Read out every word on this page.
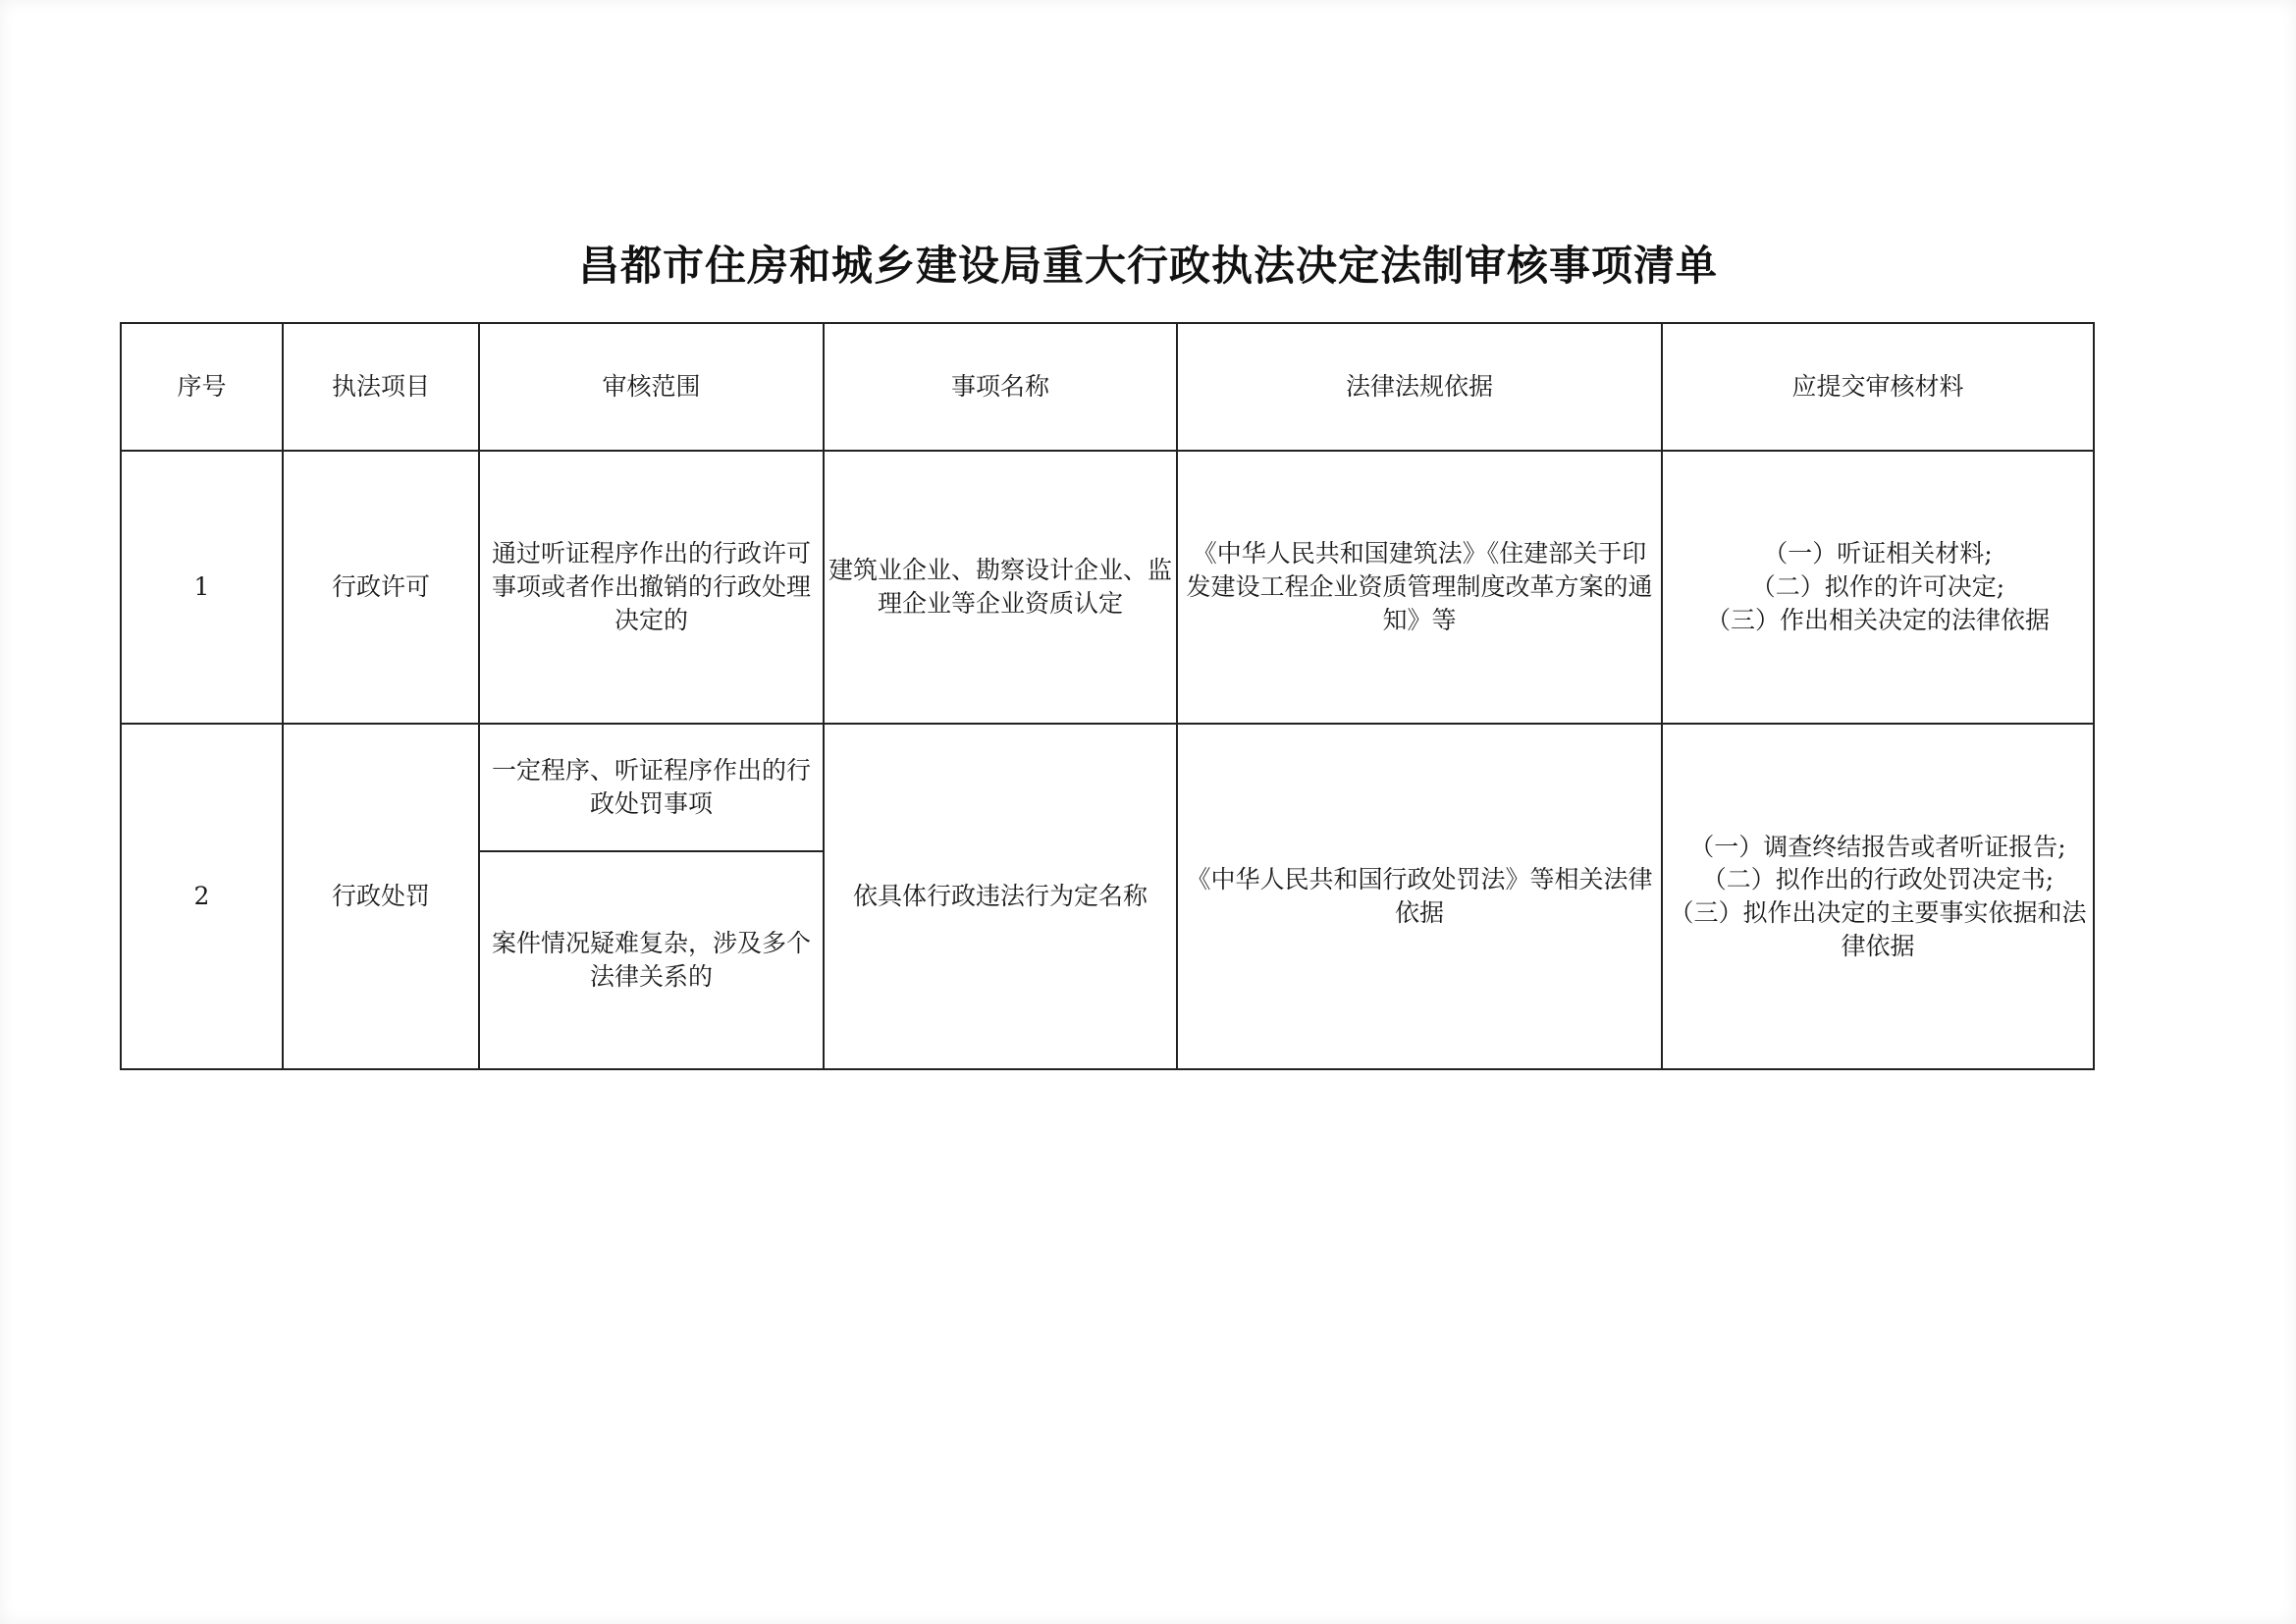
昌都市住房和城乡建设局重大行政执法决定法制审核事项清单
序号	执法项目	审核范围	事项名称	法律法规依据	应提交审核材料
1	行政许可	通过听证程序作出的行政许可事项或者作出撤销的行政处理决定的	建筑业企业、勘察设计企业、监理企业等企业资质认定	《中华人民共和国建筑法》《住建部关于印发建设工程企业资质管理制度改革方案的通知》等	（一）听证相关材料;
（二）拟作的许可决定;
（三）作出相关决定的法律依据

2	行政处罚	一定程序、听证程序作出的行政处罚事项	依具体行政违法行为定名称	《中华人民共和国行政处罚法》等相关法律依据	（一）调查终结报告或者听证报告;
（二）拟作出的行政处罚决定书;
（三）拟作出决定的主要事实依据和法律依据

		案件情况疑难复杂，涉及多个法律关系的			
